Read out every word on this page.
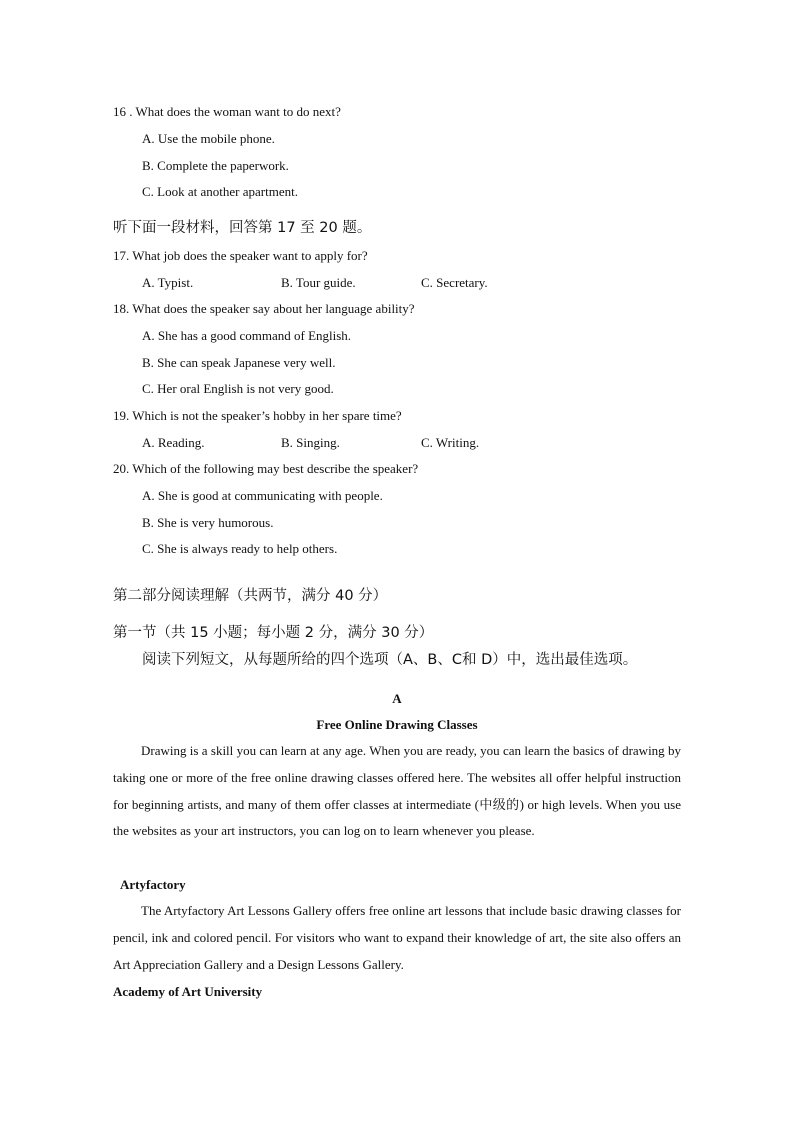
16 . What does the woman want to do next?
A. Use the mobile phone.
B. Complete the paperwork.
C. Look at another apartment.
听下面一段材料，回答第 17 至 20 题。
17. What job does the speaker want to apply for?
A. Typist.	B. Tour guide.	C. Secretary.
18. What does the speaker say about her language ability?
A. She has a good command of English.
B. She can speak Japanese very well.
C. Her oral English is not very good.
19. Which is not the speaker’s hobby in her spare time?
A. Reading.	B. Singing.	C. Writing.
20. Which of the following may best describe the speaker?
A. She is good at communicating with people.
B. She is very humorous.
C. She is always ready to help others.
第二部分阅读理解（共两节，满分 40 分）
第一节（共 15 小题；每小题 2 分，满分 30 分）
阅读下列短文，从每题所给的四个选项（A、B、C和 D）中，选出最佳选项。
A
Free Online Drawing Classes

Drawing is a skill you can learn at any age. When you are ready, you can learn the basics of drawing by taking one or more of the free online drawing classes offered here. The websites all offer helpful instruction for beginning artists, and many of them offer classes at intermediate (中级的) or high levels. When you use the websites as your art instructors, you can log on to learn whenever you please.

Artyfactory

The Artyfactory Art Lessons Gallery offers free online art lessons that include basic drawing classes for pencil, ink and colored pencil. For visitors who want to expand their knowledge of art, the site also offers an Art Appreciation Gallery and a Design Lessons Gallery.

Academy of Art University
